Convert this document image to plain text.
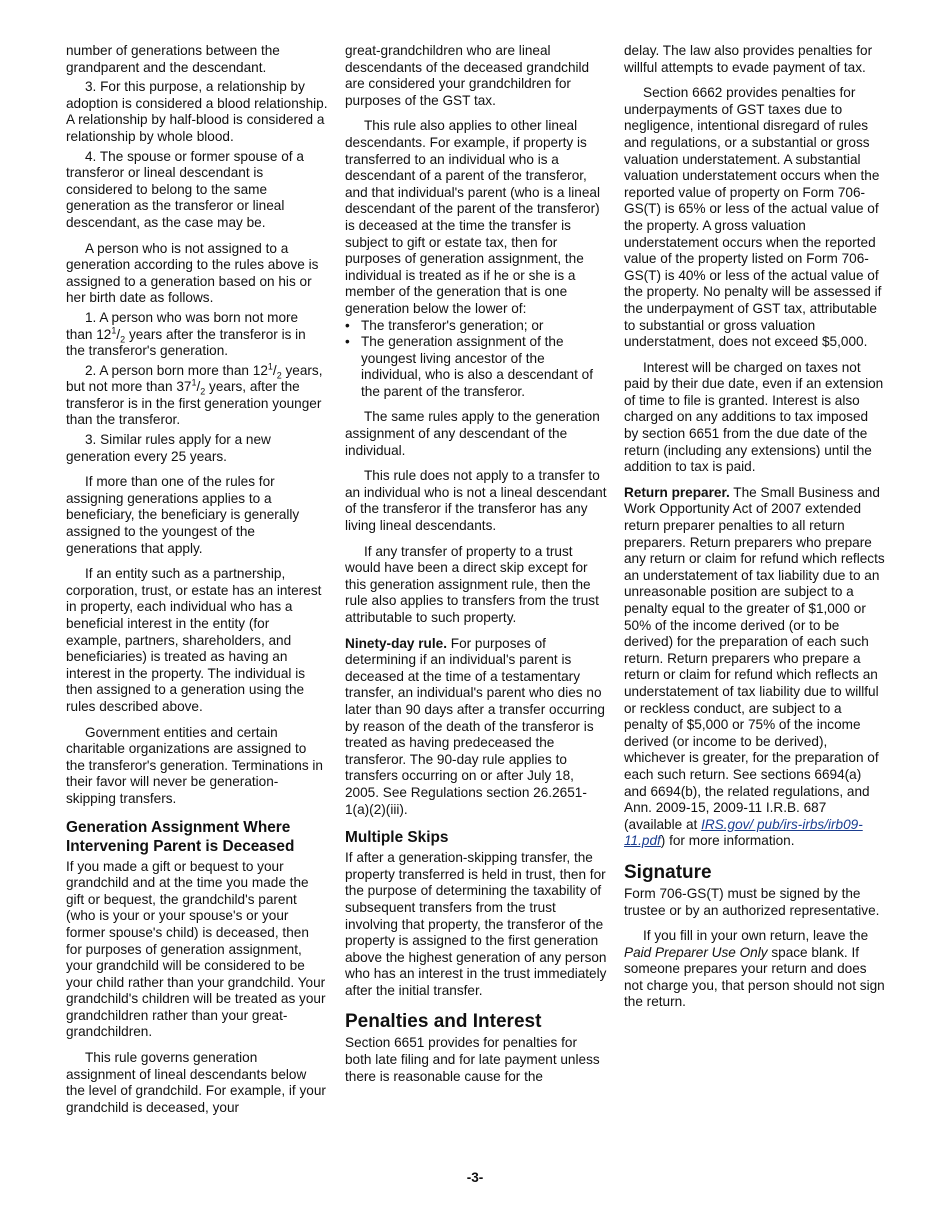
number of generations between the grandparent and the descendant.

3. For this purpose, a relationship by adoption is considered a blood relationship. A relationship by half-blood is considered a relationship by whole blood.

4. The spouse or former spouse of a transferor or lineal descendant is considered to belong to the same generation as the transferor or lineal descendant, as the case may be.

A person who is not assigned to a generation according to the rules above is assigned to a generation based on his or her birth date as follows.

1. A person who was born not more than $12^1/_2$ years after the transferor is in the transferor's generation.

2. A person born more than $12^1/_2$ years, but not more than $37^1/_2$ years, after the transferor is in the first generation younger than the transferor.

3. Similar rules apply for a new generation every 25 years.

If more than one of the rules for assigning generations applies to a beneficiary, the beneficiary is generally assigned to the youngest of the generations that apply.

If an entity such as a partnership, corporation, trust, or estate has an interest in property, each individual who has a beneficial interest in the entity (for example, partners, shareholders, and beneficiaries) is treated as having an interest in the property. The individual is then assigned to a generation using the rules described above.

Government entities and certain charitable organizations are assigned to the transferor's generation. Terminations in their favor will never be generation-skipping transfers.

Generation Assignment Where Intervening Parent is Deceased

If you made a gift or bequest to your grandchild and at the time you made the gift or bequest, the grandchild's parent (who is your or your spouse's or your former spouse's child) is deceased, then for purposes of generation assignment, your grandchild will be considered to be your child rather than your grandchild. Your grandchild's children will be treated as your grandchildren rather than your great-grandchildren.

This rule governs generation assignment of lineal descendants below the level of grandchild. For example, if your grandchild is deceased, your

great-grandchildren who are lineal descendants of the deceased grandchild are considered your grandchildren for purposes of the GST tax.

This rule also applies to other lineal descendants. For example, if property is transferred to an individual who is a descendant of a parent of the transferor, and that individual's parent (who is a lineal descendant of the parent of the transferor) is deceased at the time the transfer is subject to gift or estate tax, then for purposes of generation assignment, the individual is treated as if he or she is a member of the generation that is one generation below the lower of:

• The transferor's generation; or
• The generation assignment of the youngest living ancestor of the individual, who is also a descendant of the parent of the transferor.

The same rules apply to the generation assignment of any descendant of the individual.

This rule does not apply to a transfer to an individual who is not a lineal descendant of the transferor if the transferor has any living lineal descendants.

If any transfer of property to a trust would have been a direct skip except for this generation assignment rule, then the rule also applies to transfers from the trust attributable to such property.

Ninety-day rule. For purposes of determining if an individual's parent is deceased at the time of a testamentary transfer, an individual's parent who dies no later than 90 days after a transfer occurring by reason of the death of the transferor is treated as having predeceased the transferor. The 90-day rule applies to transfers occurring on or after July 18, 2005. See Regulations section 26.2651-1(a)(2)(iii).

Multiple Skips

If after a generation-skipping transfer, the property transferred is held in trust, then for the purpose of determining the taxability of subsequent transfers from the trust involving that property, the transferor of the property is assigned to the first generation above the highest generation of any person who has an interest in the trust immediately after the initial transfer.

Penalties and Interest

Section 6651 provides for penalties for both late filing and for late payment unless there is reasonable cause for the

delay. The law also provides penalties for willful attempts to evade payment of tax.

Section 6662 provides penalties for underpayments of GST taxes due to negligence, intentional disregard of rules and regulations, or a substantial or gross valuation understatement. A substantial valuation understatement occurs when the reported value of property on Form 706-GS(T) is 65% or less of the actual value of the property. A gross valuation understatement occurs when the reported value of the property listed on Form 706-GS(T) is 40% or less of the actual value of the property. No penalty will be assessed if the underpayment of GST tax, attributable to substantial or gross valuation understatment, does not exceed $5,000.

Interest will be charged on taxes not paid by their due date, even if an extension of time to file is granted. Interest is also charged on any additions to tax imposed by section 6651 from the due date of the return (including any extensions) until the addition to tax is paid.

Return preparer. The Small Business and Work Opportunity Act of 2007 extended return preparer penalties to all return preparers. Return preparers who prepare any return or claim for refund which reflects an understatement of tax liability due to an unreasonable position are subject to a penalty equal to the greater of $1,000 or 50% of the income derived (or to be derived) for the preparation of each such return. Return preparers who prepare a return or claim for refund which reflects an understatement of tax liability due to willful or reckless conduct, are subject to a penalty of $5,000 or 75% of the income derived (or income to be derived), whichever is greater, for the preparation of each such return. See sections 6694(a) and 6694(b), the related regulations, and Ann. 2009-15, 2009-11 I.R.B. 687 (available at IRS.gov/ pub/irs-irbs/irb09-11.pdf) for more information.

Signature

Form 706-GS(T) must be signed by the trustee or by an authorized representative.

If you fill in your own return, leave the Paid Preparer Use Only space blank. If someone prepares your return and does not charge you, that person should not sign the return.

-3-
